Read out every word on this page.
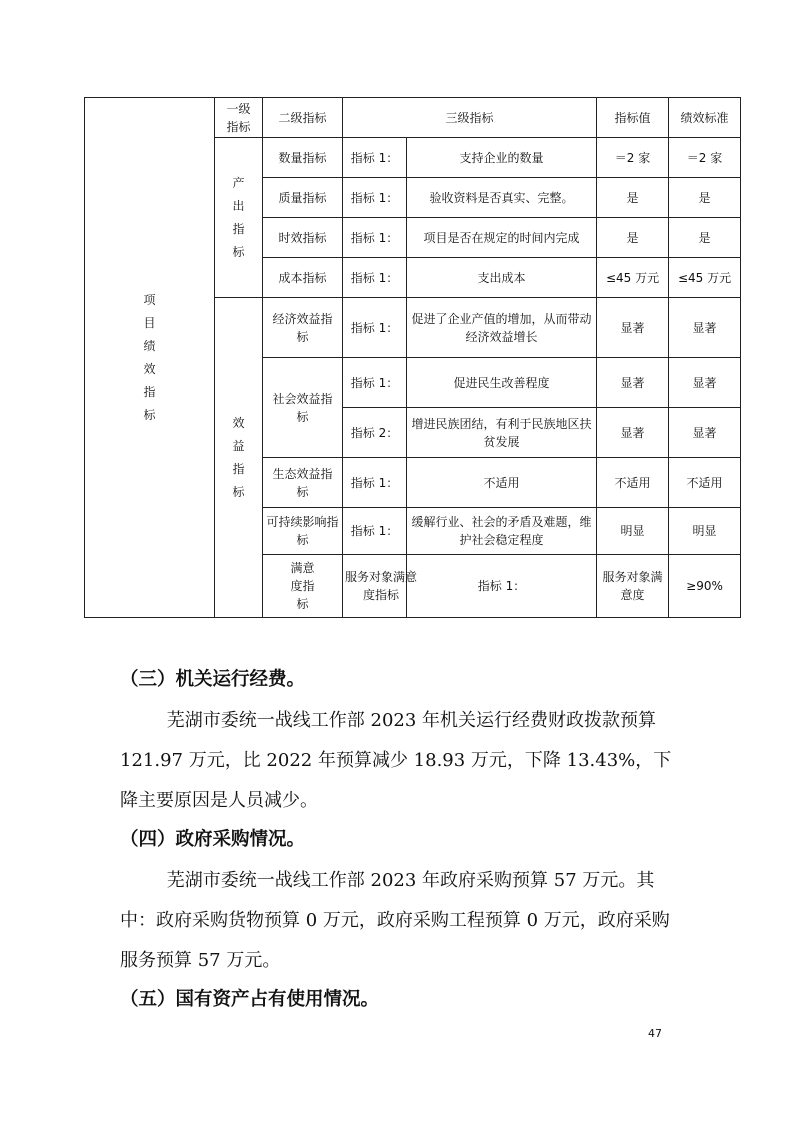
项目绩效指标	一级指标	二级指标	三级指标		指标值	绩效标准	
	产出指标	数量指标	指标 1：	支持企业的数量	＝2 家	＝2 家	
		质量指标	指标 1：	验收资料是否真实、完整。	是	是	
		时效指标	指标 1：	项目是否在规定的时间内完成	是	是	
		成本指标	指标 1：	支出成本	≤45 万元	≤45 万元	
	效益指标	经济效益指标	指标 1：	促进了企业产值的增加，从而带动经济效益增长	显著	显著	
		社会效益指标	指标 1：	促进民生改善程度	显著	显著	
			指标 2：	增进民族团结，有利于民族地区扶贫发展	显著	显著	
		生态效益指标	指标 1：	不适用	不适用	不适用	
		可持续影响指标	指标 1：	缓解行业、社会的矛盾及难题，维护社会稳定程度	明显	明显	
		满意度指标	服务对象满意度指标	指标 1：	服务对象满意度	≥90%	
（三）机关运行经费。
芜湖市委统一战线工作部 2023 年机关运行经费财政拨款预算 121.97 万元，比 2022 年预算减少 18.93 万元，下降 13.43%，下降主要原因是人员减少。
（四）政府采购情况。
芜湖市委统一战线工作部 2023 年政府采购预算 57 万元。其中：政府采购货物预算 0 万元，政府采购工程预算 0 万元，政府采购服务预算 57 万元。
（五）国有资产占有使用情况。
47
